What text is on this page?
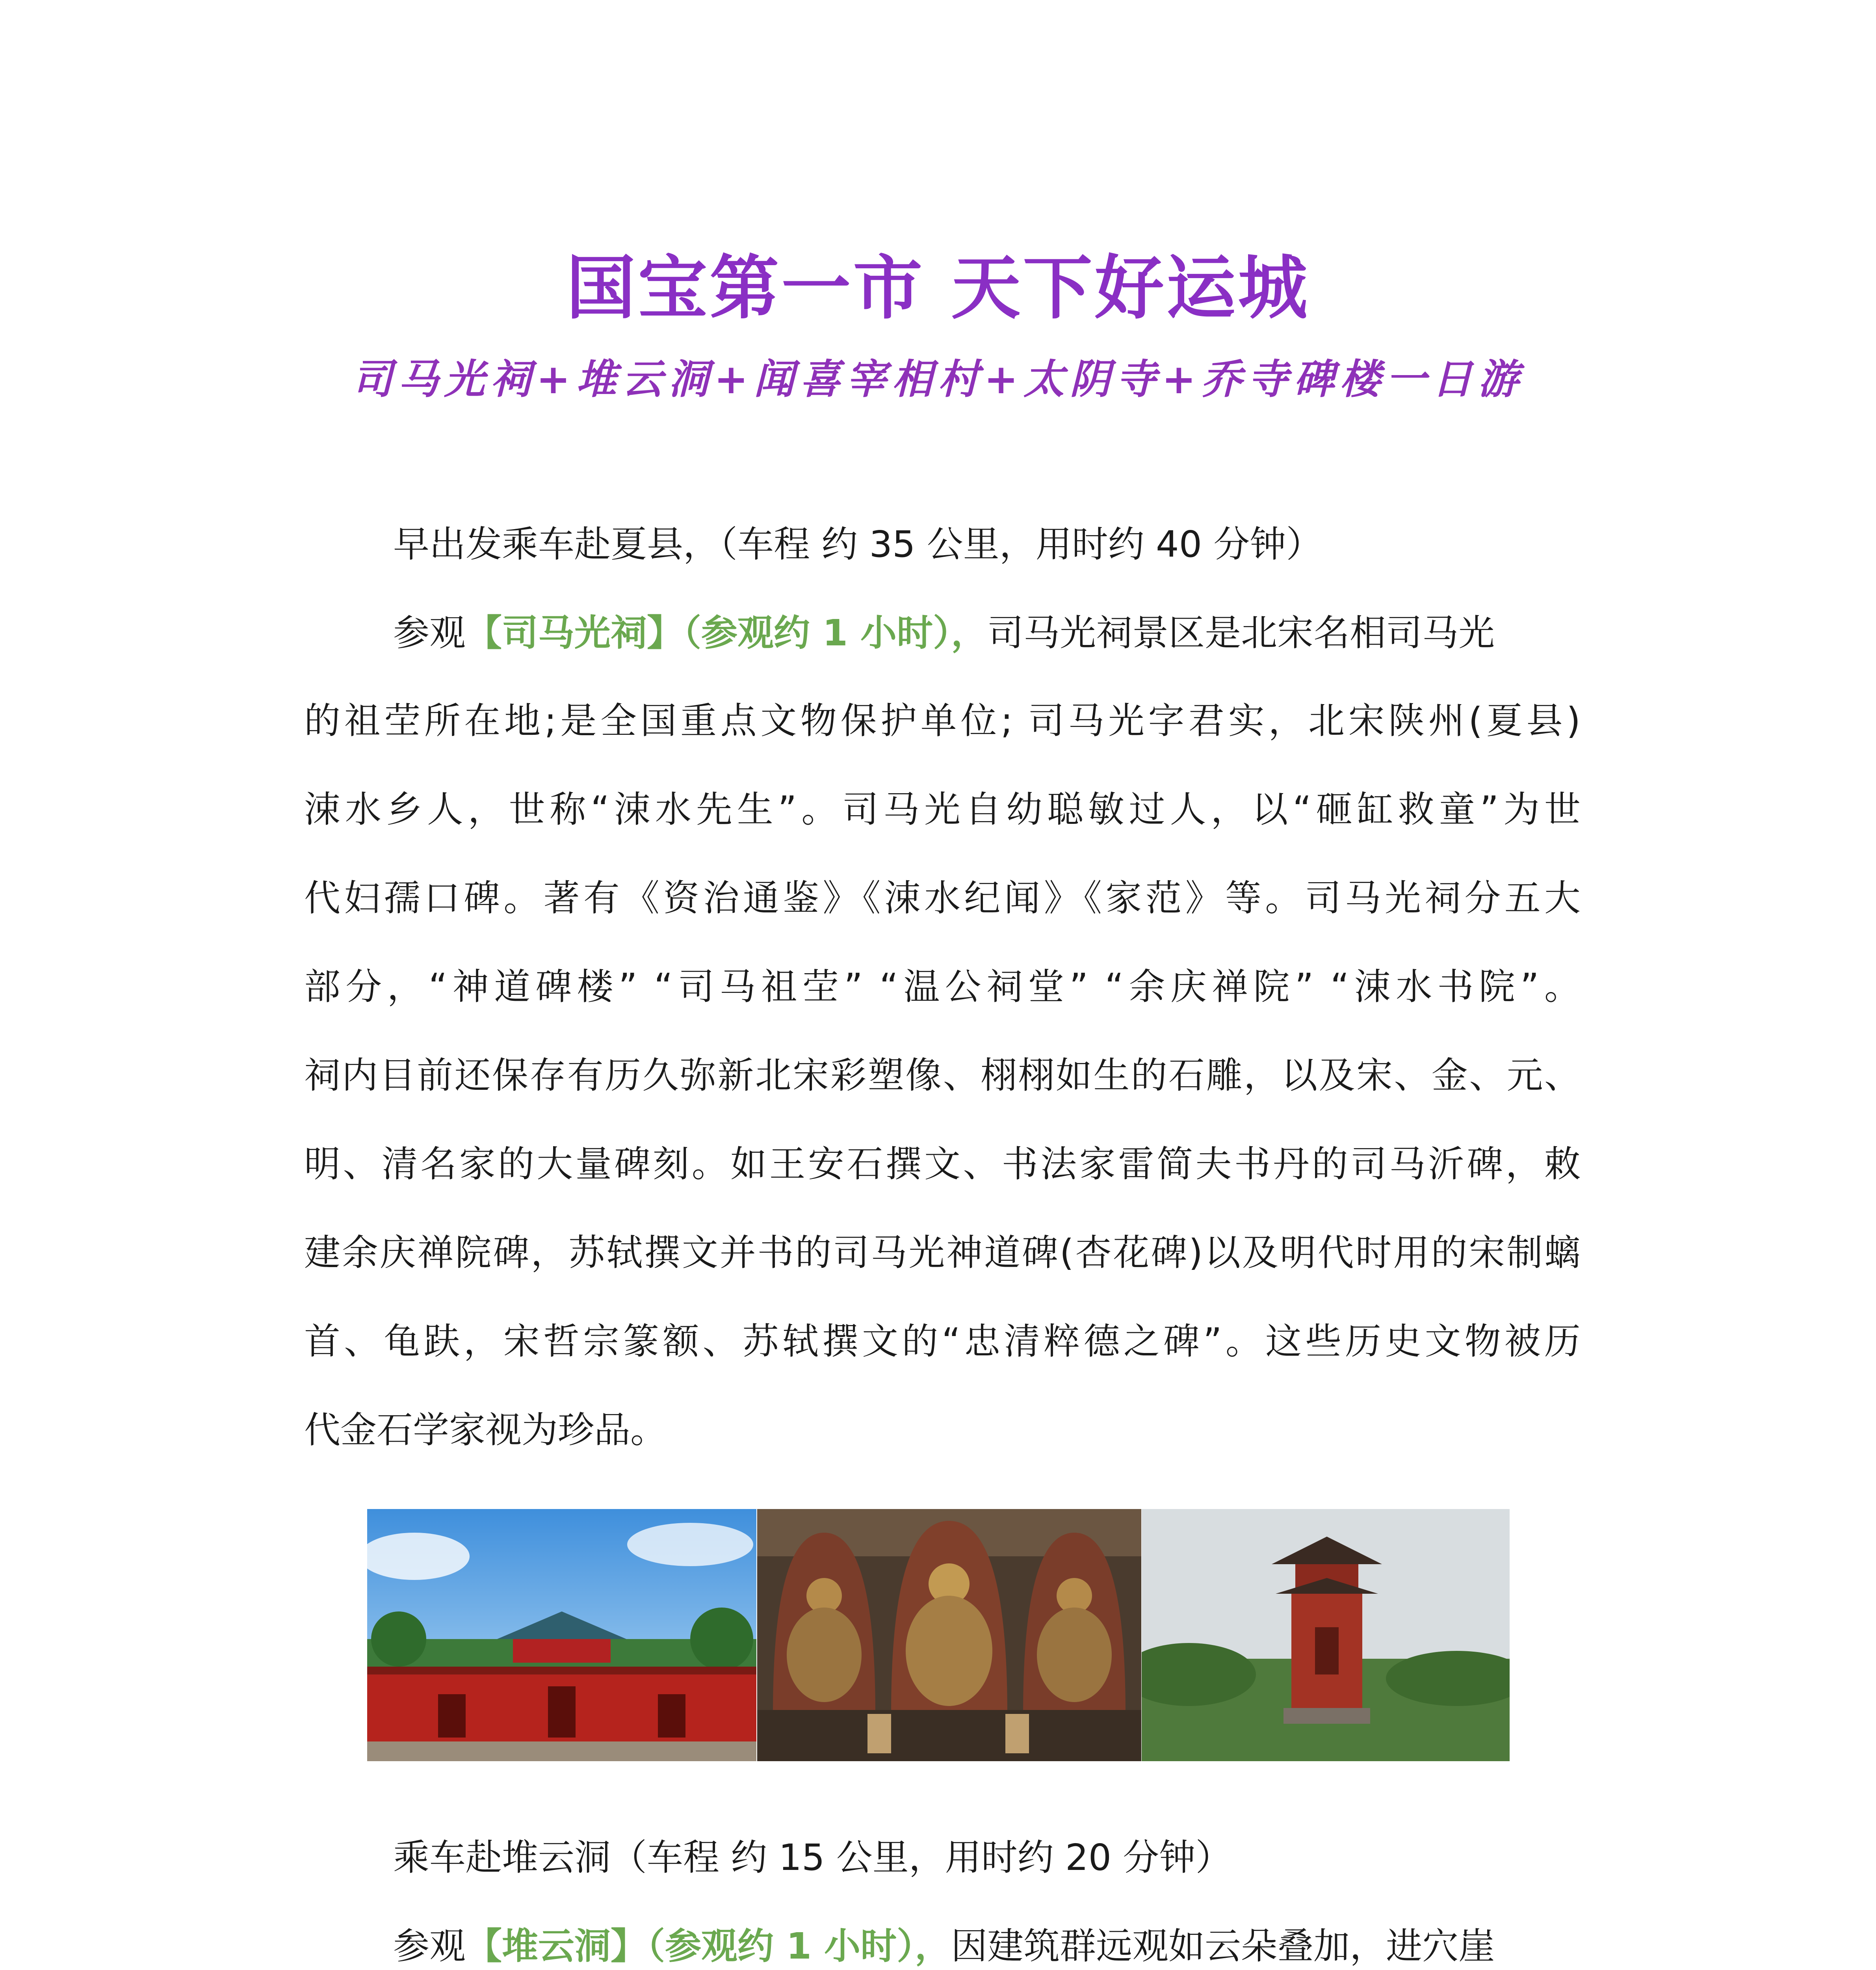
国宝第一市 天下好运城
司马光祠+堆云洞+闻喜宰相村+太阴寺+乔寺碑楼一日游
早出发乘车赴夏县，（车程 约 35 公里，用时约 40 分钟）
参观【司马光祠】（参观约 1 小时），司马光祠景区是北宋名相司马光
的祖茔所在地;是全国重点文物保护单位; 司马光字君实，北宋陕州(夏县)
涑水乡人，世称“涑水先生”。司马光自幼聪敏过人，以“砸缸救童”为世
代妇孺口碑。著有《资治通鉴》《涑水纪闻》《家范》等。司马光祠分五大
部分，“神道碑楼” “司马祖茔” “温公祠堂” “余庆禅院” “涑水书院”。
祠内目前还保存有历久弥新北宋彩塑像、栩栩如生的石雕，以及宋、金、元、
明、清名家的大量碑刻。如王安石撰文、书法家雷简夫书丹的司马沂碑，敕
建余庆禅院碑，苏轼撰文并书的司马光神道碑(杏花碑)以及明代时用的宋制螭
首、龟趺，宋哲宗篆额、苏轼撰文的“忠清粹德之碑”。这些历史文物被历
代金石学家视为珍品。
乘车赴堆云洞（车程 约 15 公里，用时约 20 分钟）
参观【堆云洞】（参观约 1 小时），因建筑群远观如云朵叠加，进穴崖
